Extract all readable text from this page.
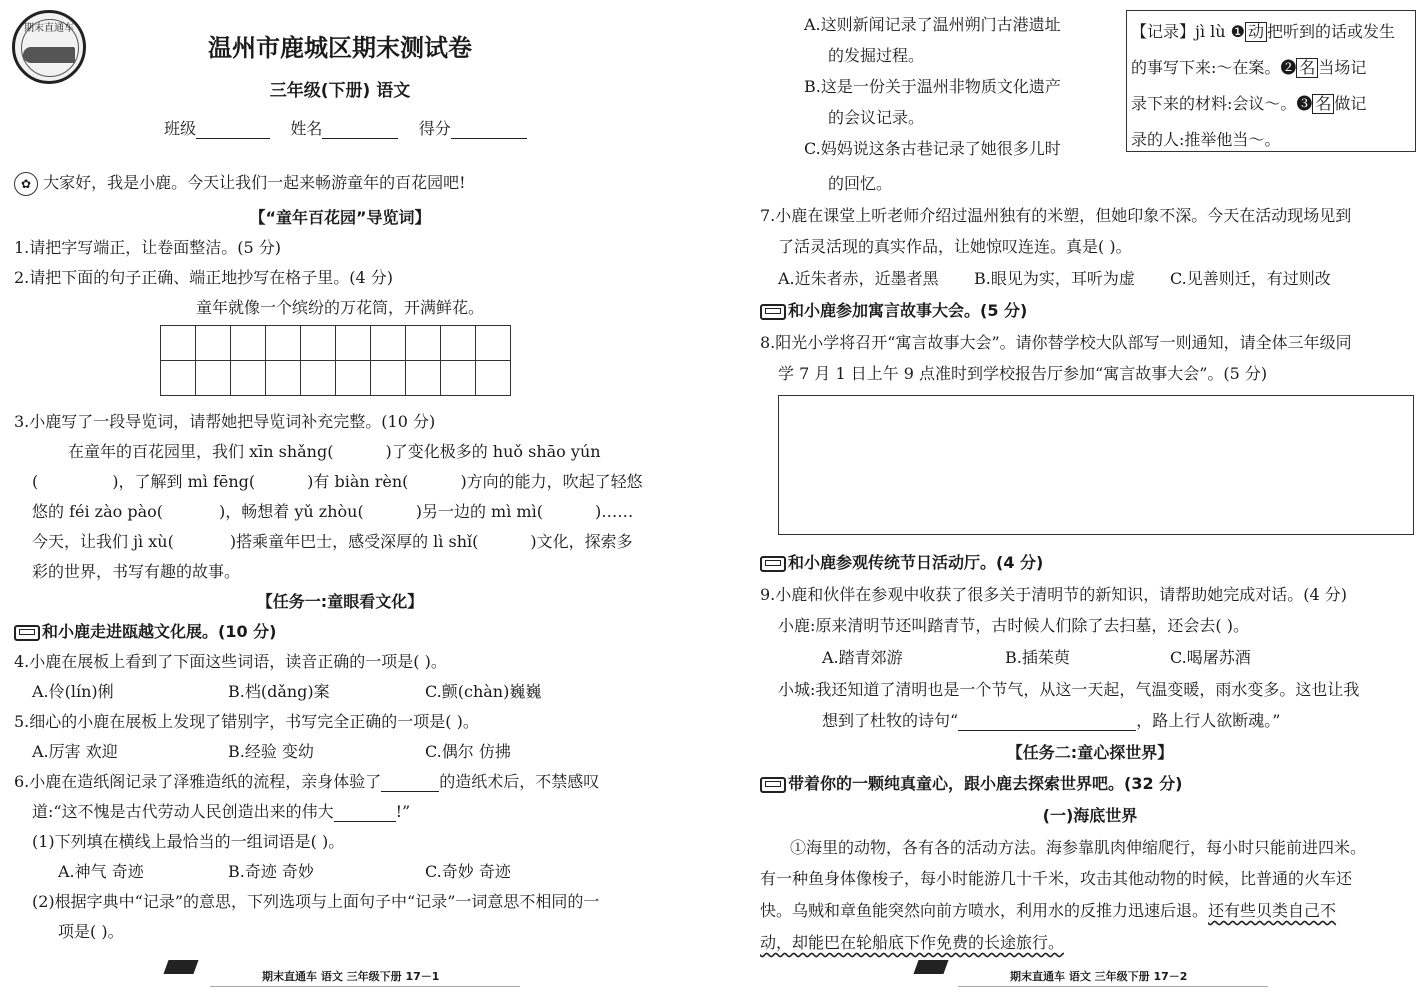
期末直通车
温州市鹿城区期末测试卷
三年级(下册) 语文
班级	姓名	得分
✿ 大家好，我是小鹿。今天让我们一起来畅游童年的百花园吧!
【“童年百花园”导览词】
1.请把字写端正，让卷面整洁。(5 分)
2.请把下面的句子正确、端正地抄写在格子里。(4 分)
童年就像一个缤纷的万花筒，开满鲜花。

3.小鹿写了一段导览词，请帮她把导览词补充完整。(10 分)
在童年的百花园里，我们 xīn shǎng(	)了变化极多的 huǒ shāo yún
(	)，了解到 mì fēng(	)有 biàn rèn(	)方向的能力，吹起了轻悠
悠的 féi zào pào(	)，畅想着 yǔ zhòu(	)另一边的 mì mì(	)……
今天，让我们 jì xù(	)搭乘童年巴士，感受深厚的 lì shǐ(	)文化，探索多
彩的世界，书写有趣的故事。
【任务一:童眼看文化】
和小鹿走进瓯越文化展。(10 分)
4.小鹿在展板上看到了下面这些词语，读音正确的一项是( )。
A.伶(lín)俐	B.档(dǎng)案	C.颤(chàn)巍巍
5.细心的小鹿在展板上发现了错别字，书写完全正确的一项是( )。
A.厉害 欢迎	B.经验 变幼	C.偶尔 仿拂
6.小鹿在造纸阁记录了泽雅造纸的流程，亲身体验了	的造纸术后，不禁感叹
道:“这不愧是古代劳动人民创造出来的伟大	!”
(1)下列填在横线上最恰当的一组词语是( )。
A.神气 奇迹	B.奇迹 奇妙	C.奇妙 奇迹
(2)根据字典中“记录”的意思，下列选项与上面句子中“记录”一词意思不相同的一
项是( )。
期末直通车 语文 三年级下册 17－1
A.这则新闻记录了温州朔门古港遗址
的发掘过程。
B.这是一份关于温州非物质文化遗产
的会议记录。
C.妈妈说这条古巷记录了她很多儿时
的回忆。
【记录】jì lù ❶ 动 把听到的话或发生
的事写下来:～在案。❷ 名 当场记
录下来的材料:会议～。❸ 名 做记
录的人:推举他当～。
7.小鹿在课堂上听老师介绍过温州独有的米塑，但她印象不深。今天在活动现场见到
了活灵活现的真实作品，让她惊叹连连。真是( )。
A.近朱者赤，近墨者黑 B.眼见为实，耳听为虚 C.见善则迁，有过则改
和小鹿参加寓言故事大会。(5 分)
8.阳光小学将召开“寓言故事大会”。请你替学校大队部写一则通知，请全体三年级同
学 7 月 1 日上午 9 点准时到学校报告厅参加“寓言故事大会”。(5 分)
和小鹿参观传统节日活动厅。(4 分)
9.小鹿和伙伴在参观中收获了很多关于清明节的新知识，请帮助她完成对话。(4 分)
小鹿:原来清明节还叫踏青节，古时候人们除了去扫墓，还会去( )。
A.踏青郊游	B.插茱萸	C.喝屠苏酒
小城:我还知道了清明也是一个节气，从这一天起，气温变暖，雨水变多。这也让我
想到了杜牧的诗句“	，路上行人欲断魂。”
【任务二:童心探世界】
带着你的一颗纯真童心，跟小鹿去探索世界吧。(32 分)
(一)海底世界
①海里的动物，各有各的活动方法。海参靠肌肉伸缩爬行，每小时只能前进四米。
有一种鱼身体像梭子，每小时能游几十千米，攻击其他动物的时候，比普通的火车还
快。乌贼和章鱼能突然向前方喷水，利用水的反推力迅速后退。还有些贝类自己不
动，却能巴在轮船底下作免费的长途旅行。
期末直通车 语文 三年级下册 17－2
